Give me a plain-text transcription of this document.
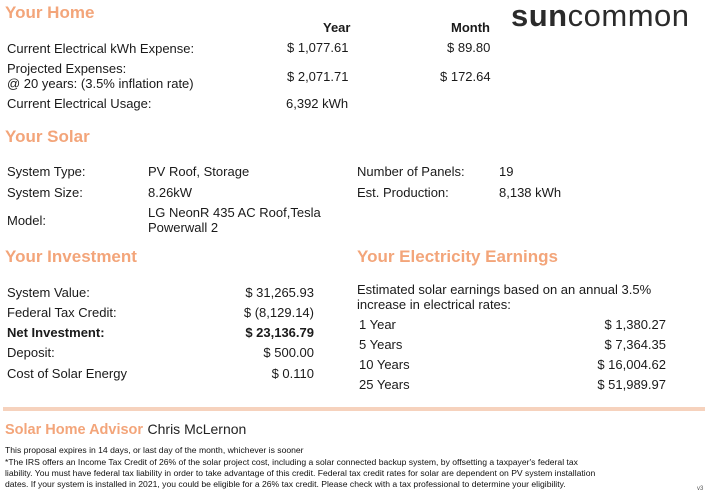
suncommon
Your Home
Year	Month
Current Electrical kWh Expense:	$ 1,077.61	$ 89.80
Projected Expenses:
@ 20 years: (3.5% inflation rate)	$ 2,071.71	$ 172.64
Current Electrical Usage:	6,392 kWh
Your Solar
System Type:	PV Roof, Storage
System Size:	8.26kW
Model:
LG NeonR 435 AC Roof,Tesla
Powerwall 2
Number of Panels:	19
Est. Production:	8,138 kWh
Your Investment
System Value:	$ 31,265.93
Federal Tax Credit:	$ (8,129.14)
Net Investment:	$ 23,136.79
Deposit:	$ 500.00
Cost of Solar Energy	$ 0.110
Your Electricity Earnings
Estimated solar earnings based on an annual 3.5%
increase in electrical rates:
1 Year	$ 1,380.27
5 Years	$ 7,364.35
10 Years	$ 16,004.62
25 Years	$ 51,989.97
Solar Home Advisor Chris McLernon
This proposal expires in 14 days, or last day of the month, whichever is sooner
*The IRS offers an Income Tax Credit of 26% of the solar project cost, including a solar connected backup system, by offsetting a taxpayer's federal tax
liability. You must have federal tax liability in order to take advantage of this credit. Federal tax credit rates for solar are dependent on PV system installation
dates. If your system is installed in 2021, you could be eligible for a 26% tax credit. Please check with a tax professional to determine your eligibility.	v3
